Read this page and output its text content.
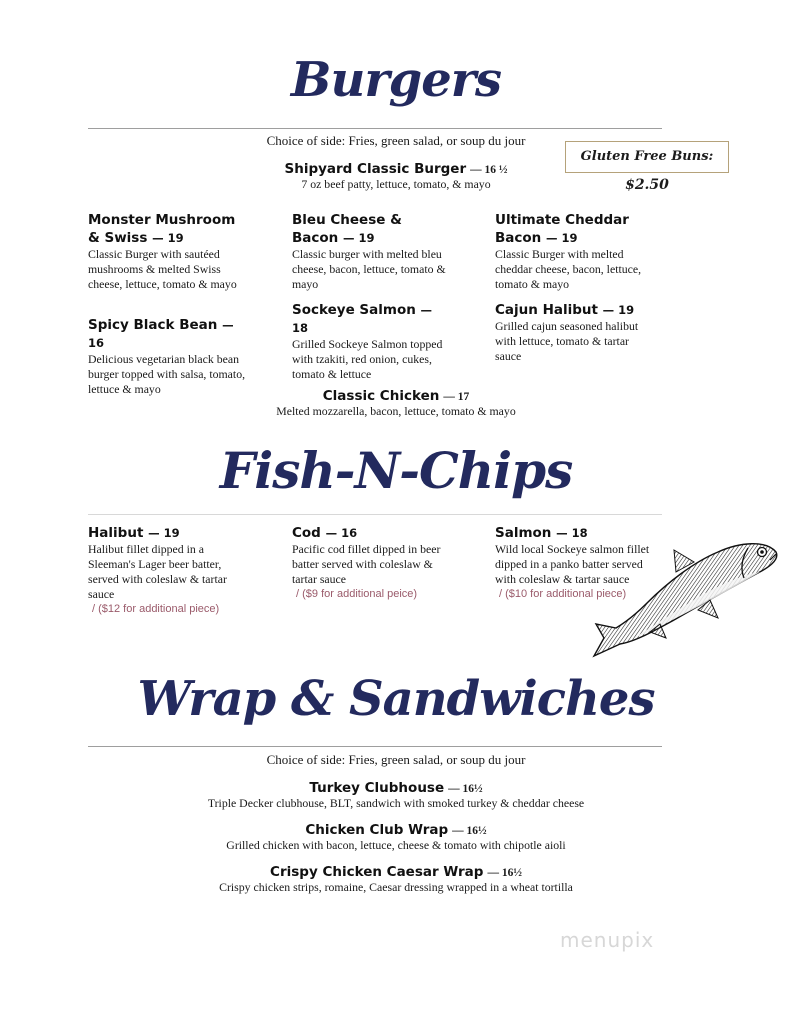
Burgers
Choice of side: Fries, green salad, or soup du jour
Gluten Free Buns: $2.50
Shipyard Classic Burger — 16 ½
7 oz beef patty, lettuce, tomato, & mayo
Monster Mushroom & Swiss — 19
Classic Burger with sautéed mushrooms & melted Swiss cheese, lettuce, tomato & mayo
Bleu Cheese & Bacon — 19
Classic burger with melted bleu cheese, bacon, lettuce, tomato & mayo
Ultimate Cheddar Bacon — 19
Classic Burger with melted cheddar cheese, bacon, lettuce, tomato & mayo
Spicy Black Bean — 16
Delicious vegetarian black bean burger topped with salsa, tomato, lettuce & mayo
Sockeye Salmon — 18
Grilled Sockeye Salmon topped with tzakiti, red onion, cukes, tomato & lettuce
Cajun Halibut — 19
Grilled cajun seasoned halibut with lettuce, tomato & tartar sauce
Classic Chicken — 17
Melted mozzarella, bacon, lettuce, tomato & mayo
Fish-N-Chips
Halibut — 19
Halibut fillet dipped in a Sleeman's Lager beer batter, served with coleslaw & tartar sauce
/ ($12 for additional piece)
Cod — 16
Pacific cod fillet dipped in beer batter served with coleslaw & tartar sauce
/ ($9 for additional peice)
Salmon — 18
Wild local Sockeye salmon fillet dipped in a panko batter served with coleslaw & tartar sauce
/ ($10 for additional piece)
Wrap & Sandwiches
Choice of side: Fries, green salad, or soup du jour
Turkey Clubhouse — 16½
Triple Decker clubhouse, BLT, sandwich with smoked turkey & cheddar cheese
Chicken Club Wrap — 16½
Grilled chicken with bacon, lettuce, cheese & tomato with chipotle aioli
Crispy Chicken Caesar Wrap — 16½
Crispy chicken strips, romaine, Caesar dressing wrapped in a wheat tortilla
menupix
